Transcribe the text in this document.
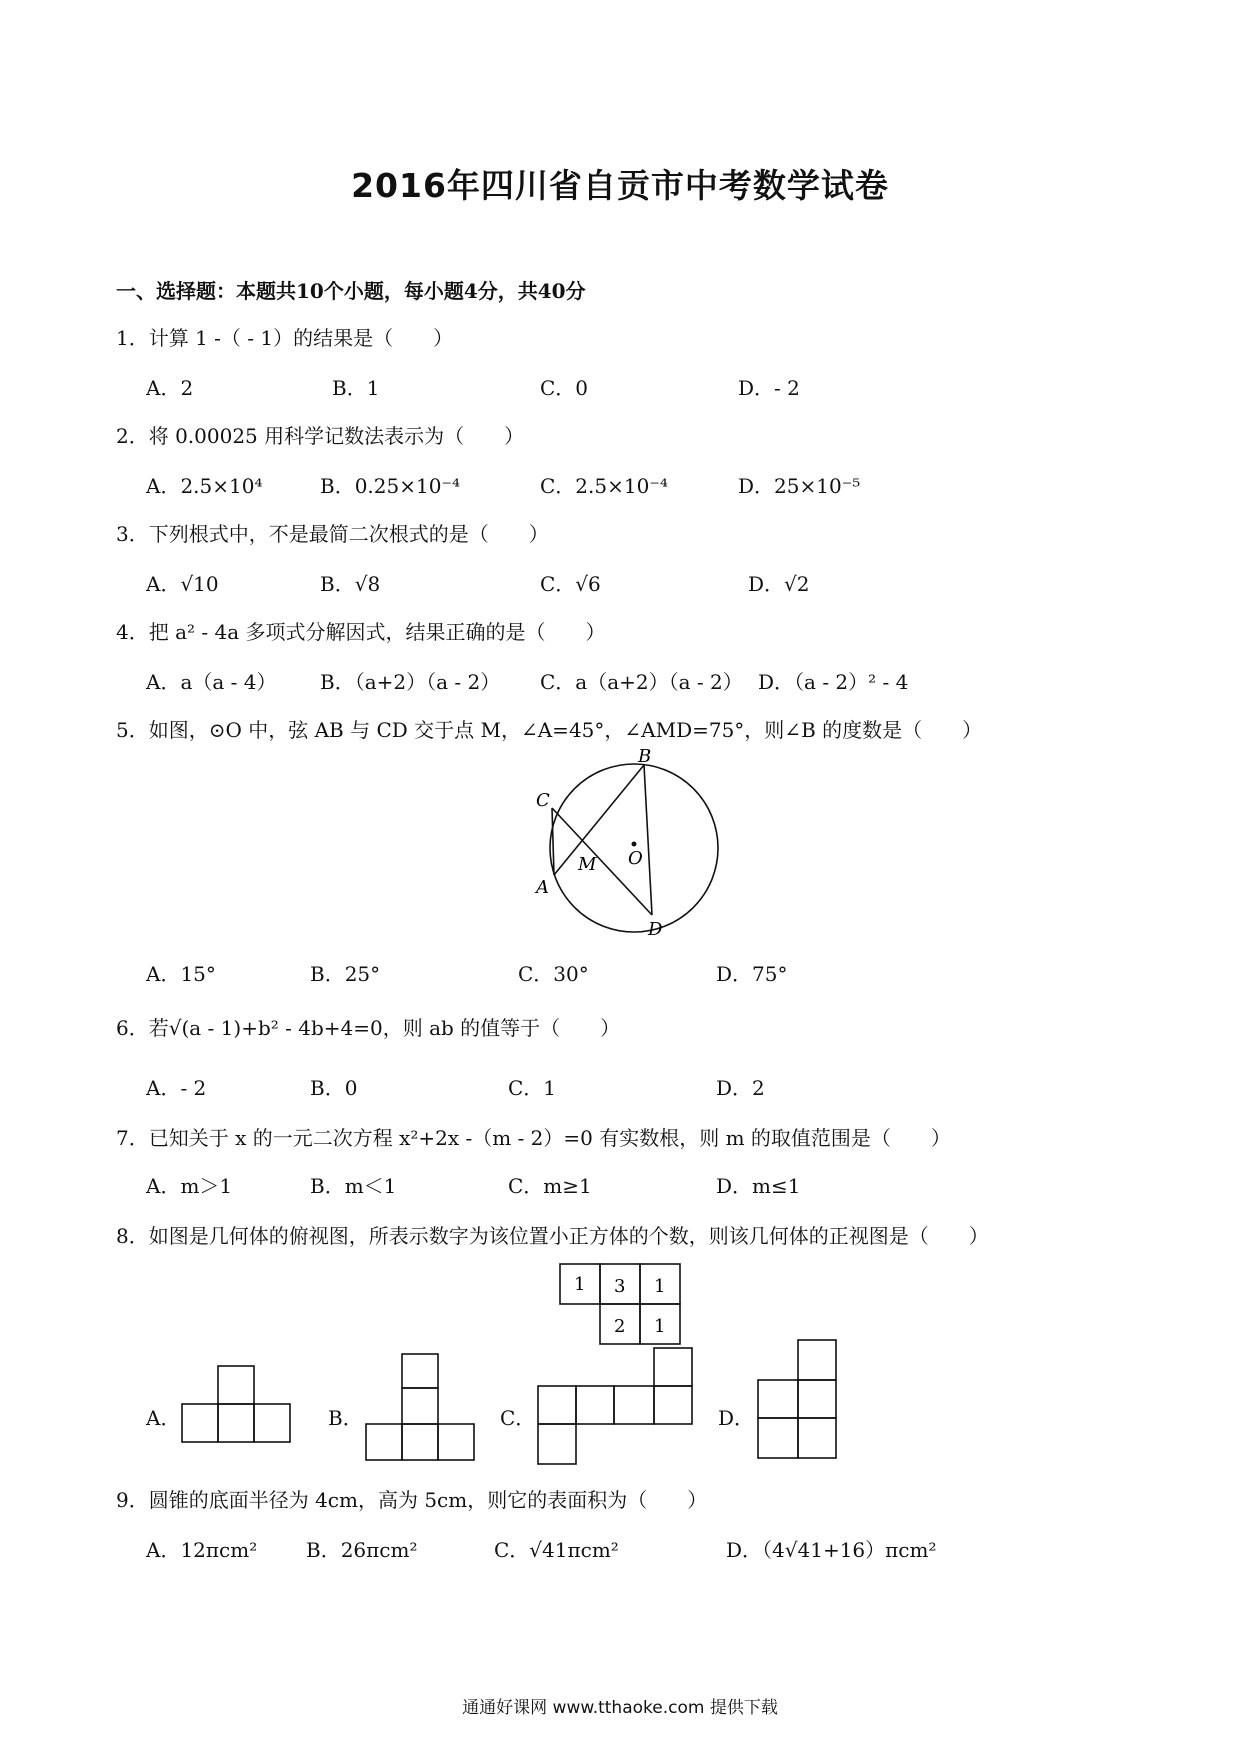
2016年四川省自贡市中考数学试卷
一、选择题：本题共10个小题，每小题4分，共40分
1．计算 1 -（ - 1）的结果是（　　）
A．2	B．1	C．0	D．- 2
2．将 0.00025 用科学记数法表示为（　　）
A．2.5×10⁴	B．0.25×10⁻⁴	C．2.5×10⁻⁴	D．25×10⁻⁵
3．下列根式中，不是最简二次根式的是（　　）
A．√10	B．√8	C．√6	D．√2
4．把 a² - 4a 多项式分解因式，结果正确的是（　　）
A．a（a - 4） B．（a+2）（a - 2） C．a（a+2）（a - 2） D．（a - 2）² - 4
5．如图，⊙O 中，弦 AB 与 CD 交于点 M，∠A=45°，∠AMD=75°，则∠B 的度数是（　　）
C
B
A
D
M O
A．15°	B．25°	C．30°	D．75°
6．若√(a - 1)+b² - 4b+4=0，则 ab 的值等于（　　）
A．- 2	B．0	C．1	D．2
7．已知关于 x 的一元二次方程 x²+2x -（m - 2）=0 有实数根，则 m 的取值范围是（　　）
A．m＞1	B．m＜1	C．m≥1	D．m≤1
8．如图是几何体的俯视图，所表示数字为该位置小正方体的个数，则该几何体的正视图是（　　）
1 3 1
2 1
A．	B．	C．	D．
9．圆锥的底面半径为 4cm，高为 5cm，则它的表面积为（　　）
A．12πcm² B．26πcm²	C．√41πcm²	D．（4√41+16）πcm²
通通好课网 www.tthaoke.com 提供下载
